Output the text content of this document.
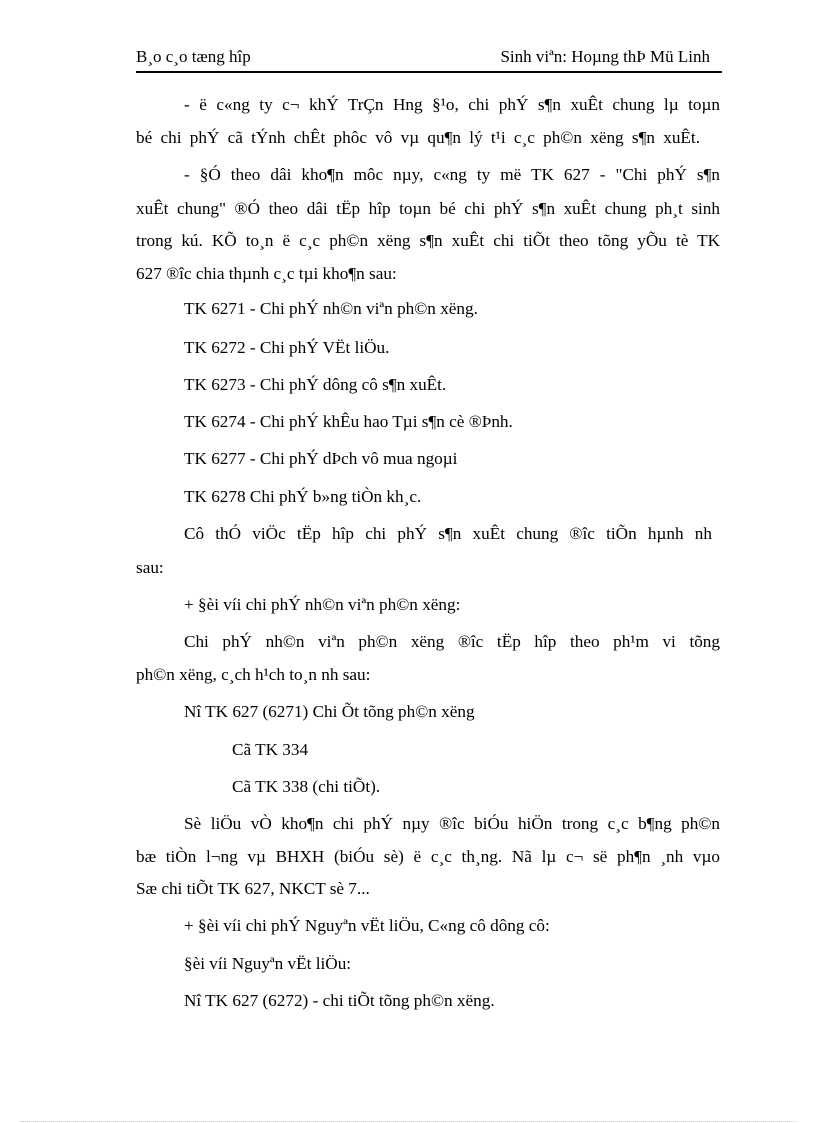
B¸o c¸o tæng hîp	Sinh viªn: Hoµng thÞ Mü Linh
- ë c«ng ty c¬ khÝ TrÇn Hng §¹o, chi phÝ s¶n xuÊt chung lµ toµn
bé chi phÝ cã tÝnh chÊt phôc vô vµ qu¶n lý t¹i c¸c ph©n xëng s¶n xuÊt.
- §Ó theo dâi kho¶n môc nµy, c«ng ty më TK 627 - "Chi phÝ s¶n
xuÊt chung" ®Ó theo dâi tËp hîp toµn bé chi phÝ s¶n xuÊt chung ph¸t sinh
trong kú. KÕ to¸n ë c¸c ph©n xëng s¶n xuÊt chi tiÕt theo tõng yÕu tè TK
627 ®îc chia thµnh c¸c tµi kho¶n sau:
TK 6271 - Chi phÝ nh©n viªn ph©n xëng.
TK 6272 - Chi phÝ VËt liÖu.
TK 6273 - Chi phÝ dông cô s¶n xuÊt.
TK 6274 - Chi phÝ khÊu hao Tµi s¶n cè ®Þnh.
TK 6277 - Chi phÝ dÞch vô mua ngoµi
TK 6278 Chi phÝ b»ng tiÒn kh¸c.
Cô thÓ viÖc tËp hîp chi phÝ s¶n xuÊt chung ®îc tiÕn hµnh nh
sau:
+ §èi víi chi phÝ nh©n viªn ph©n xëng:
Chi phÝ nh©n viªn ph©n xëng ®îc tËp hîp theo ph¹m vi tõng
ph©n xëng, c¸ch h¹ch to¸n nh sau:
Nî TK 627 (6271) Chi Õt tõng ph©n xëng
Cã TK 334
Cã TK 338 (chi tiÕt).
Sè liÖu vÒ kho¶n chi phÝ nµy ®îc biÓu hiÖn trong c¸c b¶ng ph©n
bæ tiÒn l¬ng vµ BHXH (biÓu sè) ë c¸c th¸ng. Nã lµ c¬ së ph¶n ¸nh vµo
Sæ chi tiÕt TK 627, NKCT sè 7...
+ §èi víi chi phÝ Nguyªn vËt liÖu, C«ng cô dông cô:
§èi víi Nguyªn vËt liÖu:
Nî TK 627 (6272) - chi tiÕt tõng ph©n xëng.
